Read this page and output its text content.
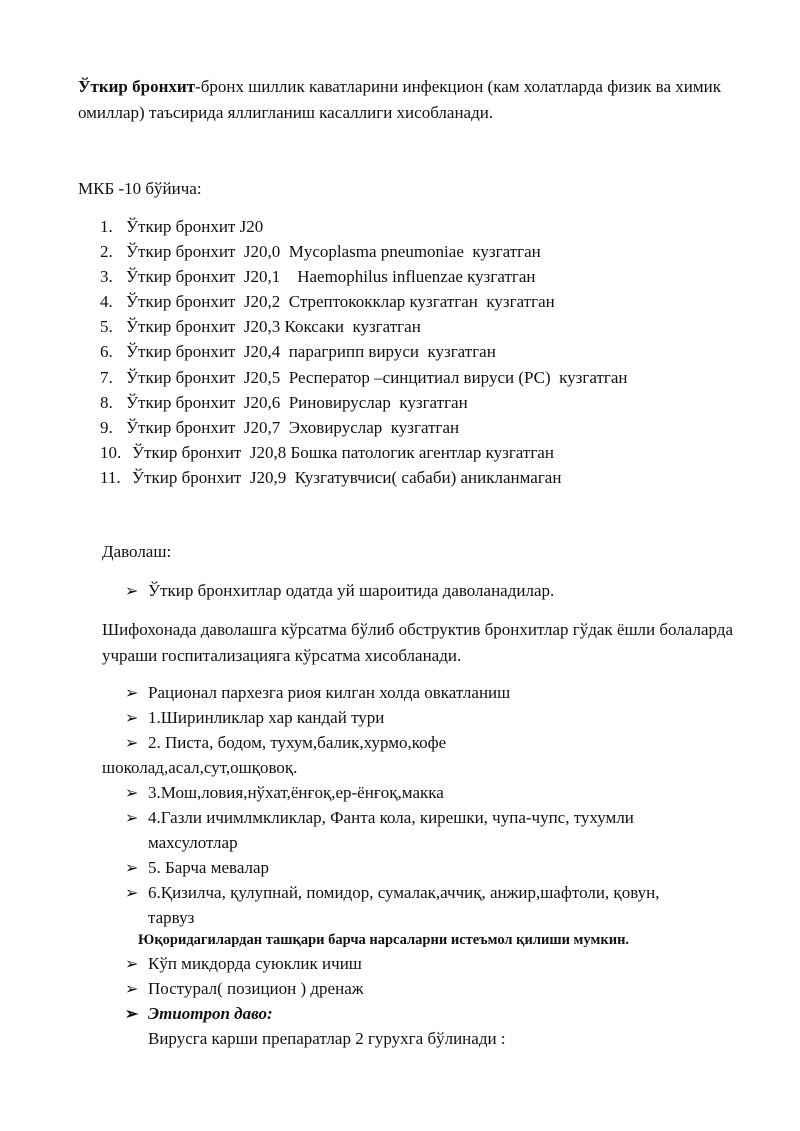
Ўткир бронхит-бронх шиллик каватларини инфекцион (кам холатларда физик ва химик омиллар) таъсирида яллигланиш касаллиги хисобланади.

МКБ -10 бўйича:

1. Ўткир бронхит J20
2. Ўткир бронхит  J20,0  Mycoplasma pneumoniae  кузгатган
3. Ўткир бронхит  J20,1    Haemophilus influenzae кузгатган
4. Ўткир бронхит  J20,2  Стрептококклар кузгатган  кузгатган
5. Ўткир бронхит  J20,3 Коксаки  кузгатган
6. Ўткир бронхит  J20,4  парагрипп вируси  кузгатган
7. Ўткир бронхит  J20,5  Респератор –синцитиал вируси (РС)  кузгатган
8. Ўткир бронхит  J20,6  Риновируслар  кузгатган
9. Ўткир бронхит  J20,7  Эховируслар  кузгатган
10. Ўткир бронхит  J20,8 Бошка патологик агентлар кузгатган
11. Ўткир бронхит  J20,9  Кузгатувчиси( сабаби) аникланмаган

Даволаш:

➢ Ўткир бронхитлар одатда уй шароитида даволанадилар.

Шифохонада даволашга кўрсатма бўлиб обструктив бронхитлар гўдак ёшли болаларда учраши госпитализацияга кўрсатма хисобланади.

➢ Рационал пархезга риоя килган холда овкатланиш
➢ 1.Ширинликлар хар кандай тури
➢ 2. Писта, бодом, тухум,балик,хурмо,кофе
шоколад,асал,сут,ошқовоқ.
➢ 3.Мош,ловия,нўхат,ёнғоқ,ер-ёнғоқ,макка
➢ 4.Газли ичимлмкликлар, Фанта кола, кирешки, чупа-чупс, тухумли
махсулотлар
➢ 5. Барча мевалар
➢ 6.Қизилча, қулупнай, помидор, сумалак,аччиқ, анжир,шафтоли, қовун,
тарвуз
Юқоридагилардан ташқари барча нарсаларни истеъмол қилиши мумкин.
➢ Кўп микдорда суюклик ичиш
➢ Постурал( позицион ) дренаж
➢ Этиотроп даво:
Вирусга карши препаратлар 2 гурухга бўлинади :
